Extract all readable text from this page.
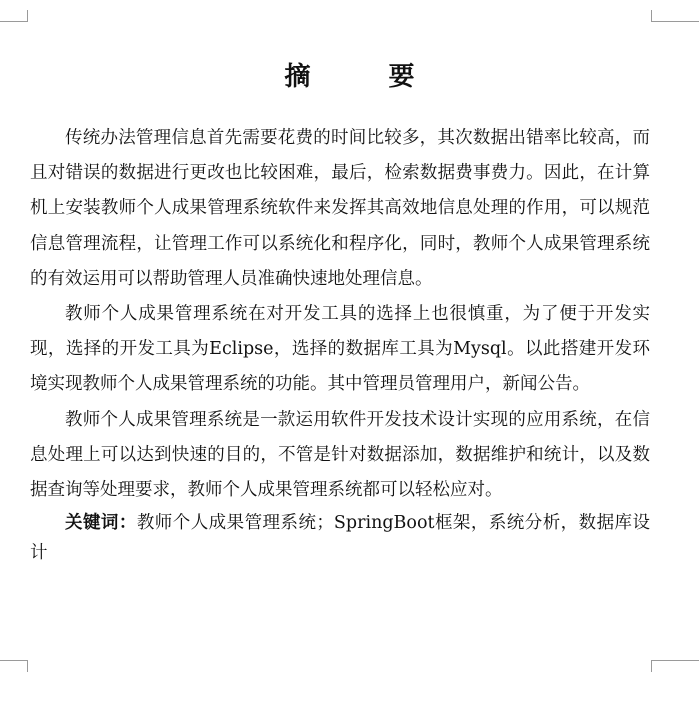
摘　要

传统办法管理信息首先需要花费的时间比较多，其次数据出错率比较高，而且对错误的数据进行更改也比较困难，最后，检索数据费事费力。因此，在计算机上安装教师个人成果管理系统软件来发挥其高效地信息处理的作用，可以规范信息管理流程，让管理工作可以系统化和程序化，同时，教师个人成果管理系统的有效运用可以帮助管理人员准确快速地处理信息。

教师个人成果管理系统在对开发工具的选择上也很慎重，为了便于开发实现，选择的开发工具为Eclipse，选择的数据库工具为Mysql。以此搭建开发环境实现教师个人成果管理系统的功能。其中管理员管理用户，新闻公告。

教师个人成果管理系统是一款运用软件开发技术设计实现的应用系统，在信息处理上可以达到快速的目的，不管是针对数据添加，数据维护和统计，以及数据查询等处理要求，教师个人成果管理系统都可以轻松应对。

关键词：教师个人成果管理系统；SpringBoot框架，系统分析，数据库设计
